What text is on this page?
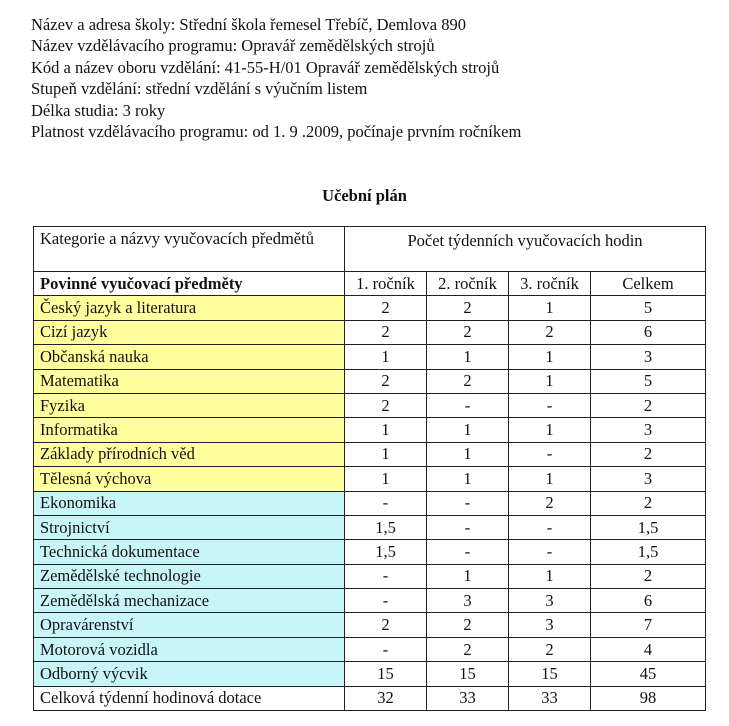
Název a adresa školy: Střední škola řemesel Třebíč, Demlova 890
Název vzdělávacího programu: Opravář zemědělských strojů
Kód a název oboru vzdělání: 41-55-H/01 Opravář zemědělských strojů
Stupeň vzdělání: střední vzdělání s výučním listem
Délka studia: 3 roky
Platnost vzdělávacího programu: od 1. 9 .2009, počínaje prvním ročníkem
Učební plán
Kategorie a názvy vyučovacích předmětů	Počet týdenních vyučovacích hodin			
Povinné vyučovací předměty	1. ročník	2. ročník	3. ročník	Celkem
Český jazyk a literatura	2	2	1	5
Cizí jazyk	2	2	2	6
Občanská nauka	1	1	1	3
Matematika	2	2	1	5
Fyzika	2	-	-	2
Informatika	1	1	1	3
Základy přírodních věd	1	1	-	2
Tělesná výchova	1	1	1	3
Ekonomika	-	-	2	2
Strojnictví	1,5	-	-	1,5
Technická dokumentace	1,5	-	-	1,5
Zemědělské technologie	-	1	1	2
Zemědělská mechanizace	-	3	3	6
Opravárenství	2	2	3	7
Motorová vozidla	-	2	2	4
Odborný výcvik	15	15	15	45
Celková týdenní hodinová dotace	32	33	33	98
